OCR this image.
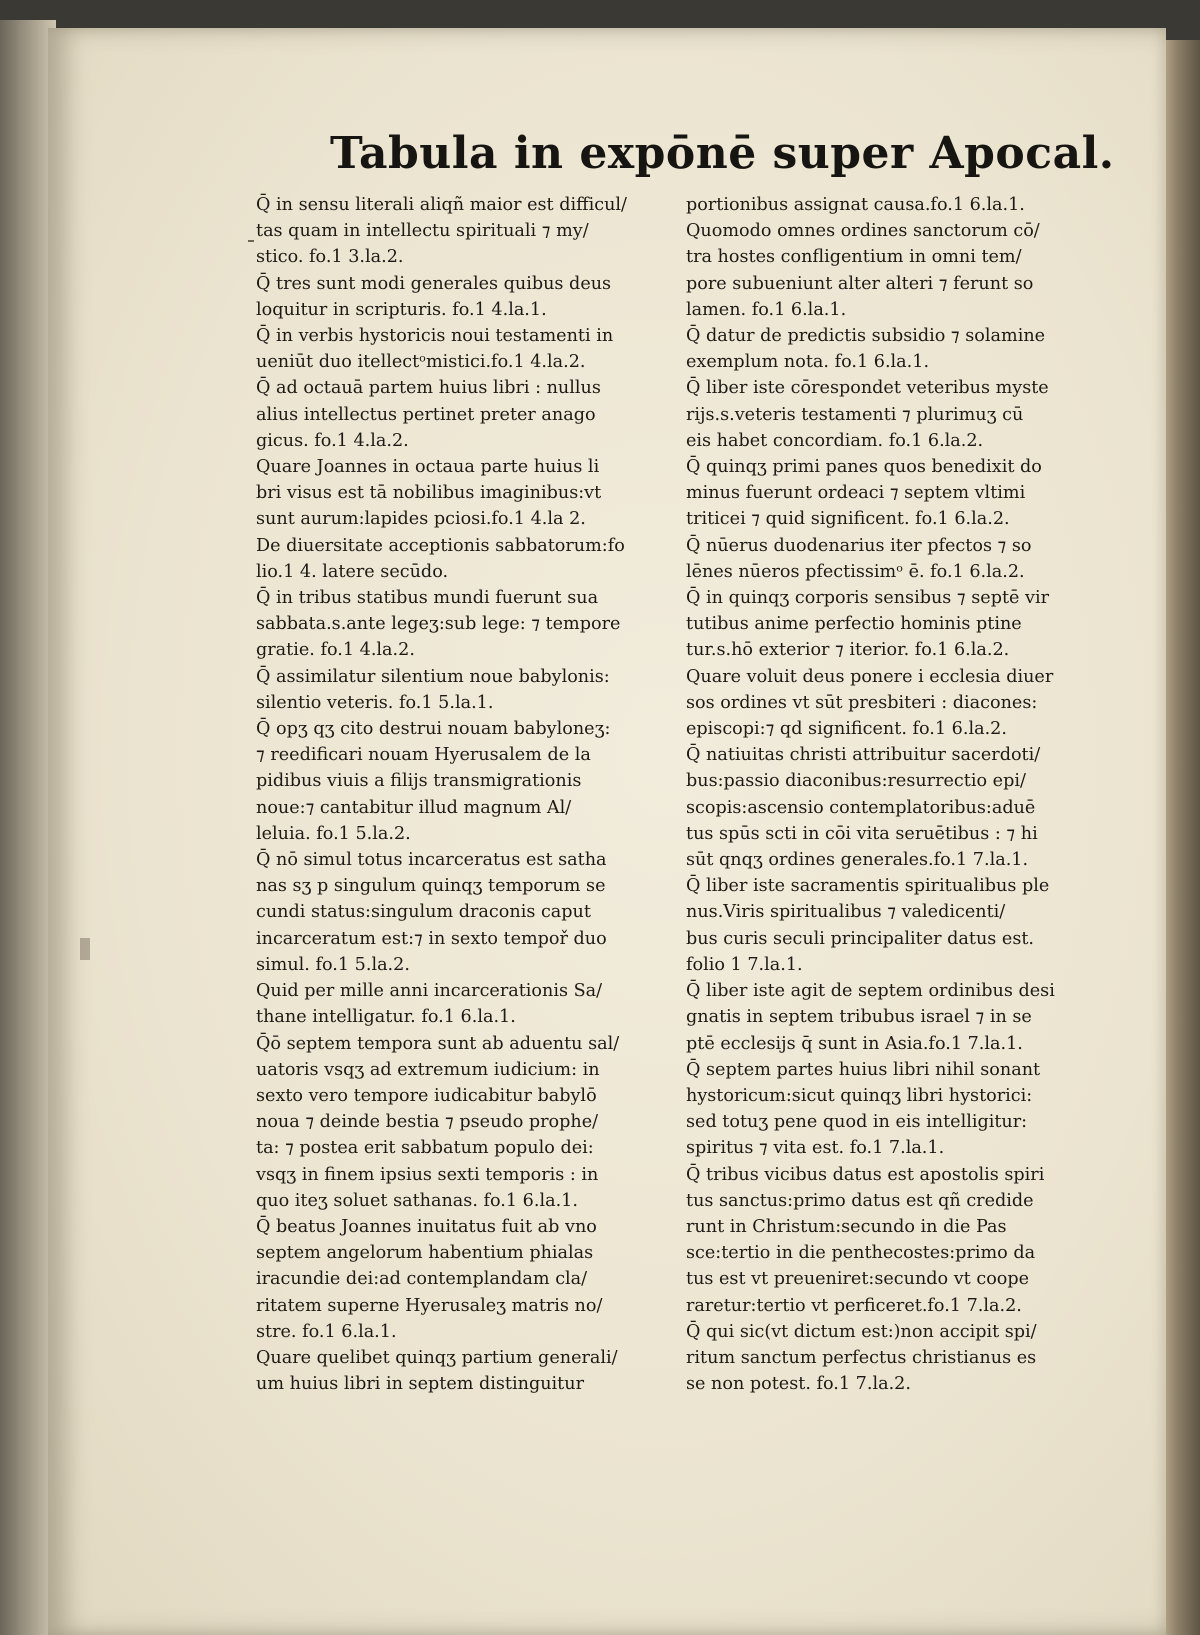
Tabula in expōnē super Apocal.

Q̄ in sensu literali aliqñ maior est difficul/
tas quam in intellectu spirituali ⁊ my/
stico. fo.1 3.la.2.

Q̄ tres sunt modi generales quibus deus
loquitur in scripturis. fo.1 4.la.1.

Q̄ in verbis hystoricis noui testamenti in
ueniūt duo itellectᵒmistici.fo.1 4.la.2.

Q̄ ad octauā partem huius libri : nullus
alius intellectus pertinet preter anago
gicus. fo.1 4.la.2.

Quare Joannes in octaua parte huius li
bri visus est tā nobilibus imaginibus:vt
sunt aurum:lapides pciosi.fo.1 4.la 2.

De diuersitate acceptionis sabbatorum:fo
lio.1 4. latere secūdo.

Q̄ in tribus statibus mundi fuerunt sua
sabbata.s.ante legeʒ:sub lege: ⁊ tempore
gratie. fo.1 4.la.2.

Q̄ assimilatur silentium noue babylonis:
silentio veteris. fo.1 5.la.1.

Q̄ opʒ qʒ cito destrui nouam babyloneʒ:
⁊ reedificari nouam Hyerusalem de la
pidibus viuis a filijs transmigrationis
noue:⁊ cantabitur illud magnum Al/
leluia. fo.1 5.la.2.

Q̄ nō simul totus incarceratus est satha
nas sʒ p singulum quinqʒ temporum se
cundi status:singulum draconis caput
incarceratum est:⁊ in sexto tempoř duo
simul. fo.1 5.la.2.

Quid per mille anni incarcerationis Sa/
thane intelligatur. fo.1 6.la.1.

Q̄ō septem tempora sunt ab aduentu sal/
uatoris vsqʒ ad extremum iudicium: in
sexto vero tempore iudicabitur babylō
noua ⁊ deinde bestia ⁊ pseudo prophe/
ta: ⁊ postea erit sabbatum populo dei:
vsqʒ in finem ipsius sexti temporis : in
quo iteʒ soluet sathanas. fo.1 6.la.1.

Q̄ beatus Joannes inuitatus fuit ab vno
septem angelorum habentium phialas
iracundie dei:ad contemplandam cla/
ritatem superne Hyerusaleʒ matris no/
stre. fo.1 6.la.1.

Quare quelibet quinqʒ partium generali/
um huius libri in septem distinguitur

portionibus assignat causa.fo.1 6.la.1.

Quomodo omnes ordines sanctorum cō/
tra hostes confligentium in omni tem/
pore subueniunt alter alteri ⁊ ferunt so
lamen. fo.1 6.la.1.

Q̄ datur de predictis subsidio ⁊ solamine
exemplum nota. fo.1 6.la.1.

Q̄ liber iste cōrespondet veteribus myste
rijs.s.veteris testamenti ⁊ plurimuʒ cū
eis habet concordiam. fo.1 6.la.2.

Q̄ quinqʒ primi panes quos benedixit do
minus fuerunt ordeaci ⁊ septem vltimi
triticei ⁊ quid significent. fo.1 6.la.2.

Q̄ nūerus duodenarius iter pfectos ⁊ so
lēnes nūeros pfectissimᵒ ē. fo.1 6.la.2.

Q̄ in quinqʒ corporis sensibus ⁊ septē vir
tutibus anime perfectio hominis ptine
tur.s.hō exterior ⁊ iterior. fo.1 6.la.2.

Quare voluit deus ponere i ecclesia diuer
sos ordines vt sūt presbiteri : diacones:
episcopi:⁊ qd significent. fo.1 6.la.2.

Q̄ natiuitas christi attribuitur sacerdoti/
bus:passio diaconibus:resurrectio epi/
scopis:ascensio contemplatoribus:aduē
tus spūs scti in cōi vita seruētibus : ⁊ hi
sūt qnqʒ ordines generales.fo.1 7.la.1.

Q̄ liber iste sacramentis spiritualibus ple
nus.Viris spiritualibus ⁊ valedicenti/
bus curis seculi principaliter datus est.
folio 1 7.la.1.

Q̄ liber iste agit de septem ordinibus desi
gnatis in septem tribubus israel ⁊ in se
ptē ecclesijs q̄ sunt in Asia.fo.1 7.la.1.

Q̄ septem partes huius libri nihil sonant
hystoricum:sicut quinqʒ libri hystorici:
sed totuʒ pene quod in eis intelligitur:
spiritus ⁊ vita est. fo.1 7.la.1.

Q̄ tribus vicibus datus est apostolis spiri
tus sanctus:primo datus est qñ credide
runt in Christum:secundo in die Pas
sce:tertio in die penthecostes:primo da
tus est vt preueniret:secundo vt coope
raretur:tertio vt perficeret.fo.1 7.la.2.

Q̄ qui sic(vt dictum est:)non accipit spi/
ritum sanctum perfectus christianus es
se non potest. fo.1 7.la.2.
